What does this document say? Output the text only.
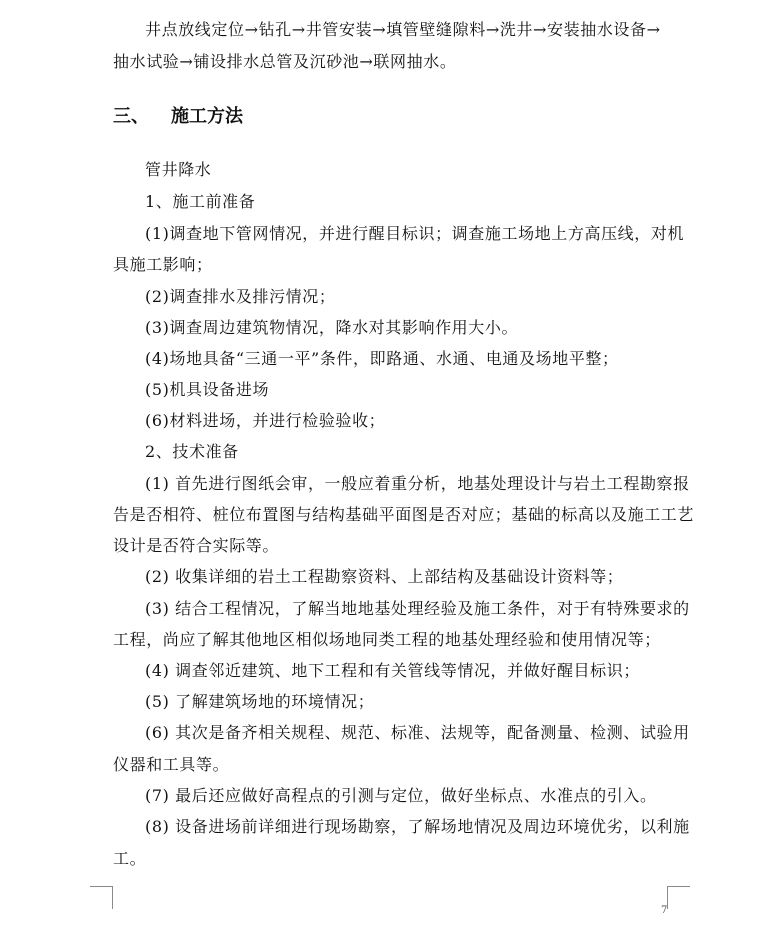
井点放线定位→钻孔→井管安装→填管壁缝隙料→洗井→安装抽水设备→
抽水试验→铺设排水总管及沉砂池→联网抽水。
三、 施工方法
管井降水
1、施工前准备
(1)调查地下管网情况，并进行醒目标识；调查施工场地上方高压线，对机
具施工影响；
(2)调查排水及排污情况；
(3)调查周边建筑物情况，降水对其影响作用大小。
(4)场地具备“三通一平”条件，即路通、水通、电通及场地平整；
(5)机具设备进场
(6)材料进场，并进行检验验收；
2、技术准备
(1) 首先进行图纸会审，一般应着重分析，地基处理设计与岩土工程勘察报
告是否相符、桩位布置图与结构基础平面图是否对应；基础的标高以及施工工艺
设计是否符合实际等。
(2) 收集详细的岩土工程勘察资料、上部结构及基础设计资料等；
(3) 结合工程情况，了解当地地基处理经验及施工条件，对于有特殊要求的
工程，尚应了解其他地区相似场地同类工程的地基处理经验和使用情况等；
(4) 调查邻近建筑、地下工程和有关管线等情况，并做好醒目标识；
(5) 了解建筑场地的环境情况；
(6) 其次是备齐相关规程、规范、标准、法规等，配备测量、检测、试验用
仪器和工具等。
(7) 最后还应做好高程点的引测与定位，做好坐标点、水准点的引入。
(8) 设备进场前详细进行现场勘察，了解场地情况及周边环境优劣，以利施
工。
7
